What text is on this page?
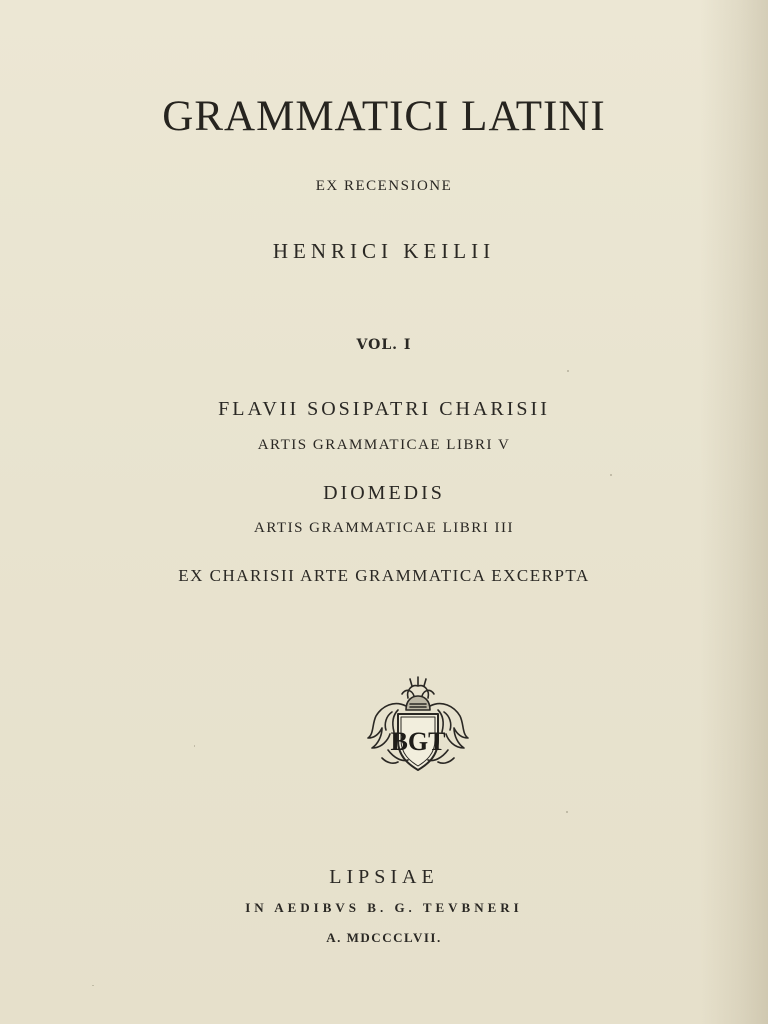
GRAMMATICI LATINI
EX RECENSIONE
HENRICI KEILII
VOL. I
FLAVII SOSIPATRI CHARISII
ARTIS GRAMMATICAE LIBRI V
DIOMEDIS
ARTIS GRAMMATICAE LIBRI III
EX CHARISII ARTE GRAMMATICA EXCERPTA
BGT
LIPSIAE
IN AEDIBVS B. G. TEVBNERI
A. MDCCCLVII.
